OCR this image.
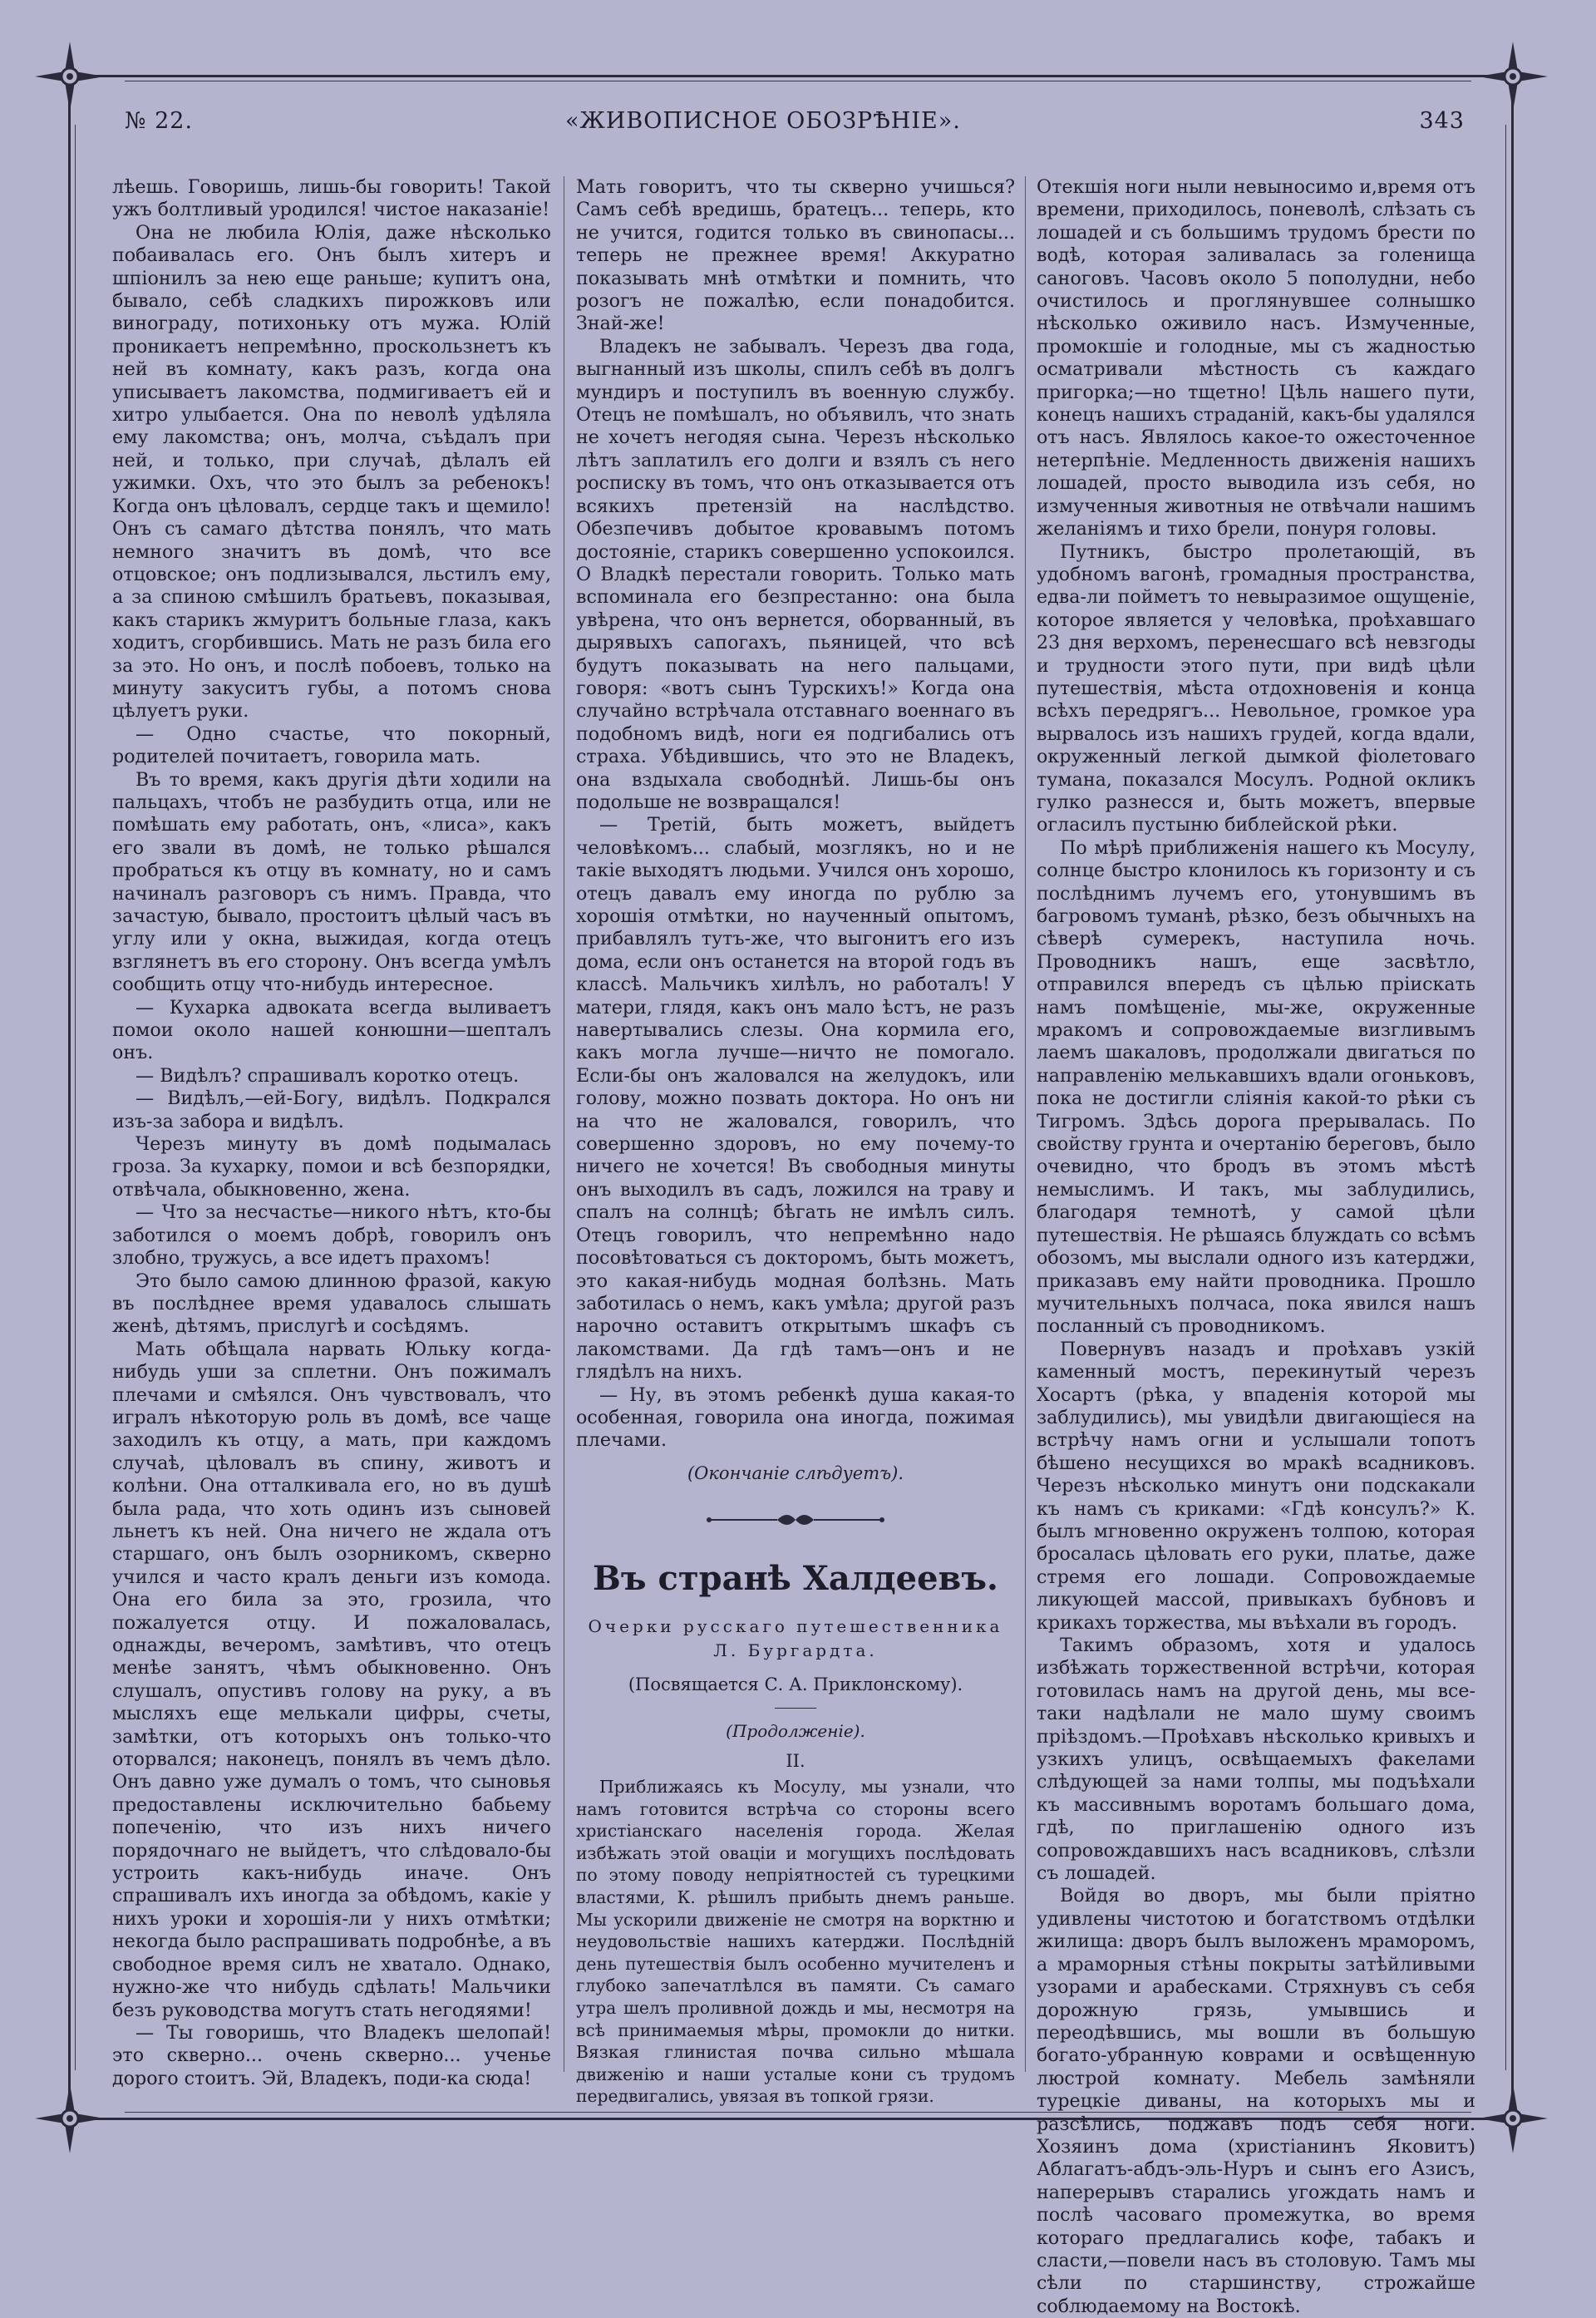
№ 22.	«ЖИВОПИСНОЕ ОБОЗРѢНІЕ».	343

лѣешь. Говоришь, лишь-бы говорить! Такой ужъ болтливый уродился! чистое наказаніе!

Она не любила Юлія, даже нѣсколько побаивалась его. Онъ былъ хитеръ и шпіонилъ за нею еще раньше; купитъ она, бывало, себѣ сладкихъ пирожковъ или винограду, потихоньку отъ мужа. Юлій проникаетъ непремѣнно, проскользнетъ къ ней въ комнату, какъ разъ, когда она уписываетъ лакомства, подмигиваетъ ей и хитро улыбается. Она по неволѣ удѣляла ему лакомства; онъ, молча, съѣдалъ при ней, и только, при случаѣ, дѣлалъ ей ужимки. Охъ, что это былъ за ребенокъ! Когда онъ цѣловалъ, сердце такъ и щемило! Онъ съ самаго дѣтства понялъ, что мать немного значитъ въ домѣ, что все отцовское; онъ подлизывался, льстилъ ему, а за спиною смѣшилъ братьевъ, показывая, какъ старикъ жмуритъ больные глаза, какъ ходитъ, сгорбившись. Мать не разъ била его за это. Но онъ, и послѣ побоевъ, только на минуту закуситъ губы, а потомъ снова цѣлуетъ руки.

— Одно счастье, что покорный, родителей почитаетъ, говорила мать.

Въ то время, какъ другія дѣти ходили на пальцахъ, чтобъ не разбудить отца, или не помѣшать ему работать, онъ, «лиса», какъ его звали въ домѣ, не только рѣшался пробраться къ отцу въ комнату, но и самъ начиналъ разговоръ съ нимъ. Правда, что зачастую, бывало, простоитъ цѣлый часъ въ углу или у окна, выжидая, когда отецъ взглянетъ въ его сторону. Онъ всегда умѣлъ сообщить отцу что-нибудь интересное.

— Кухарка адвоката всегда выливаетъ помои около нашей конюшни—шепталъ онъ.

— Видѣлъ? спрашивалъ коротко отецъ.

— Видѣлъ,—ей-Богу, видѣлъ. Подкрался изъ-за забора и видѣлъ.

Черезъ минуту въ домѣ подымалась гроза. За кухарку, помои и всѣ безпорядки, отвѣчала, обыкновенно, жена.

— Что за несчастье—никого нѣтъ, кто-бы заботился о моемъ добрѣ, говорилъ онъ злобно, тружусь, а все идетъ прахомъ!

Это было самою длинною фразой, какую въ послѣднее время удавалось слышать женѣ, дѣтямъ, прислугѣ и сосѣдямъ.

Мать обѣщала нарвать Юльку когда-нибудь уши за сплетни. Онъ пожималъ плечами и смѣялся. Онъ чувствовалъ, что игралъ нѣкоторую роль въ домѣ, все чаще заходилъ къ отцу, а мать, при каждомъ случаѣ, цѣловалъ въ спину, животъ и колѣни. Она отталкивала его, но въ душѣ была рада, что хоть одинъ изъ сыновей льнетъ къ ней. Она ничего не ждала отъ старшаго, онъ былъ озорникомъ, скверно учился и часто кралъ деньги изъ комода. Она его била за это, грозила, что пожалуется отцу. И пожаловалась, однажды, вечеромъ, замѣтивъ, что отецъ менѣе занятъ, чѣмъ обыкновенно. Онъ слушалъ, опустивъ голову на руку, а въ мысляхъ еще мелькали цифры, счеты, замѣтки, отъ которыхъ онъ только-что оторвался; наконецъ, понялъ въ чемъ дѣло. Онъ давно уже думалъ о томъ, что сыновья предоставлены исключительно бабьему попеченію, что изъ нихъ ничего порядочнаго не выйдетъ, что слѣдовало-бы устроить какъ-нибудь иначе. Онъ спрашивалъ ихъ иногда за обѣдомъ, какіе у нихъ уроки и хорошія-ли у нихъ отмѣтки; некогда было распрашивать подробнѣе, а въ свободное время силъ не хватало. Однако, нужно-же что нибудь сдѣлать! Мальчики безъ руководства могутъ стать негодяями!

— Ты говоришь, что Владекъ шелопай! это скверно... очень скверно... ученье дорого стоитъ. Эй, Владекъ, поди-ка сюда!

Мать говоритъ, что ты скверно учишься? Самъ себѣ вредишь, братецъ... теперь, кто не учится, годится только въ свинопасы... теперь не прежнее время! Аккуратно показывать мнѣ отмѣтки и помнить, что розогъ не пожалѣю, если понадобится. Знай-же!

Владекъ не забывалъ. Черезъ два года, выгнанный изъ школы, спилъ себѣ въ долгъ мундиръ и поступилъ въ военную службу. Отецъ не помѣшалъ, но объявилъ, что знать не хочетъ негодяя сына. Черезъ нѣсколько лѣтъ заплатилъ его долги и взялъ съ него росписку въ томъ, что онъ отказывается отъ всякихъ претензій на наслѣдство. Обезпечивъ добытое кровавымъ потомъ достояніе, старикъ совершенно успокоился. О Владкѣ перестали говорить. Только мать вспоминала его безпрестанно: она была увѣрена, что онъ вернется, оборванный, въ дырявыхъ сапогахъ, пьяницей, что всѣ будутъ показывать на него пальцами, говоря: «вотъ сынъ Турскихъ!» Когда она случайно встрѣчала отставнаго военнаго въ подобномъ видѣ, ноги ея подгибались отъ страха. Убѣдившись, что это не Владекъ, она вздыхала свободнѣй. Лишь-бы онъ подольше не возвращался!

— Третій, быть можетъ, выйдетъ человѣкомъ... слабый, мозглякъ, но и не такіе выходятъ людьми. Учился онъ хорошо, отецъ давалъ ему иногда по рублю за хорошія отмѣтки, но наученный опытомъ, прибавлялъ тутъ-же, что выгонитъ его изъ дома, если онъ останется на второй годъ въ классѣ. Мальчикъ хилѣлъ, но работалъ! У матери, глядя, какъ онъ мало ѣстъ, не разъ навертывались слезы. Она кормила его, какъ могла лучше—ничто не помогало. Если-бы онъ жаловался на желудокъ, или голову, можно позвать доктора. Но онъ ни на что не жаловался, говорилъ, что совершенно здоровъ, но ему почему-то ничего не хочется! Въ свободныя минуты онъ выходилъ въ садъ, ложился на траву и спалъ на солнцѣ; бѣгать не имѣлъ силъ. Отецъ говорилъ, что непремѣнно надо посовѣтоваться съ докторомъ, быть можетъ, это какая-нибудь модная болѣзнь. Мать заботилась о немъ, какъ умѣла; другой разъ нарочно оставитъ открытымъ шкафъ съ лакомствами. Да гдѣ тамъ—онъ и не глядѣлъ на нихъ.

— Ну, въ этомъ ребенкѣ душа какая-то особенная, говорила она иногда, пожимая плечами.

(Окончаніе слѣдуетъ).
Въ странѣ Халдеевъ.
Очерки русскаго путешественника
Л. Бургардта.
(Посвящается С. А. Приклонскому).
(Продолженіе).
II.

Приближаясь къ Мосулу, мы узнали, что намъ готовится встрѣча со стороны всего христіанскаго населенія города. Желая избѣжать этой оваціи и могущихъ послѣдовать по этому поводу непріятностей съ турецкими властями, К. рѣшилъ прибыть днемъ раньше. Мы ускорили движеніе не смотря на ворктню и неудовольствіе нашихъ катерджи. Послѣдній день путешествія былъ особенно мучителенъ и глубоко запечатлѣлся въ памяти. Съ самаго утра шелъ проливной дождь и мы, несмотря на всѣ принимаемыя мѣры, промокли до нитки. Вязкая глинистая почва сильно мѣшала движенію и наши усталые кони съ трудомъ передвигались, увязая въ топкой грязи.

Отекшія ноги ныли невыносимо и,время отъ времени, приходилось, поневолѣ, слѣзать съ лошадей и съ большимъ трудомъ брести по водѣ, которая заливалась за голенища саноговъ. Часовъ около 5 пополудни, небо очистилось и проглянувшее солнышко нѣсколько оживило насъ. Измученные, промокшіе и голодные, мы съ жадностью осматривали мѣстность съ каждаго пригорка;—но тщетно! Цѣль нашего пути, конецъ нашихъ страданій, какъ-бы удалялся отъ насъ. Являлось какое-то ожесточенное нетерпѣніе. Медленность движенія нашихъ лошадей, просто выводила изъ себя, но измученныя животныя не отвѣчали нашимъ желаніямъ и тихо брели, понуря головы.

Путникъ, быстро пролетающій, въ удобномъ вагонѣ, громадныя пространства, едва-ли пойметъ то невыразимое ощущеніе, которое является у человѣка, проѣхавшаго 23 дня верхомъ, перенесшаго всѣ невзгоды и трудности этого пути, при видѣ цѣли путешествія, мѣста отдохновенія и конца всѣхъ передрягъ... Невольное, громкое ура вырвалось изъ нашихъ грудей, когда вдали, окруженный легкой дымкой фіолетоваго тумана, показался Мосулъ. Родной окликъ гулко разнесся и, быть можетъ, впервые огласилъ пустыню библейской рѣки.

По мѣрѣ приближенія нашего къ Мосулу, солнце быстро клонилось къ горизонту и съ послѣднимъ лучемъ его, утонувшимъ въ багровомъ туманѣ, рѣзко, безъ обычныхъ на сѣверѣ сумерекъ, наступила ночь. Проводникъ нашъ, еще засвѣтло, отправился впередъ съ цѣлью пріискать намъ помѣщеніе, мы-же, окруженные мракомъ и сопровождаемые визгливымъ лаемъ шакаловъ, продолжали двигаться по направленію мелькавшихъ вдали огоньковъ, пока не достигли слiянія какой-то рѣки съ Тигромъ. Здѣсь дорога прерывалась. По свойству грунта и очертанію береговъ, было очевидно, что бродъ въ этомъ мѣстѣ немыслимъ. И такъ, мы заблудились, благодаря темнотѣ, у самой цѣли путешествія. Не рѣшаясь блуждать со всѣмъ обозомъ, мы выслали одного изъ катерджи, приказавъ ему найти проводника. Прошло мучительныхъ полчаса, пока явился нашъ посланный съ проводникомъ.

Повернувъ назадъ и проѣхавъ узкій каменный мостъ, перекинутый черезъ Хосартъ (рѣка, у впаденія которой мы заблудились), мы увидѣли двигающіеся на встрѣчу намъ огни и услышали топотъ бѣшено несущихся во мракѣ всадниковъ. Черезъ нѣсколько минутъ они подскакали къ намъ съ криками: «Гдѣ консулъ?» К. былъ мгновенно окруженъ толпою, которая бросалась цѣловать его руки, платье, даже стремя его лошади. Сопровождаемые ликующей массой, привыкахъ бубновъ и крикахъ торжества, мы въѣхали въ городъ.

Такимъ образомъ, хотя и удалось избѣжать торжественной встрѣчи, которая готовилась намъ на другой день, мы все-таки надѣлали не мало шуму своимъ пріѣздомъ.—Проѣхавъ нѣсколько кривыхъ и узкихъ улицъ, освѣщаемыхъ факелами слѣдующей за нами толпы, мы подъѣхали къ массивнымъ воротамъ большаго дома, гдѣ, по приглашенію одного изъ сопровождавшихъ насъ всадниковъ, слѣзли съ лошадей.

Войдя во дворъ, мы были пріятно удивлены чистотою и богатствомъ отдѣлки жилища: дворъ былъ выложенъ мраморомъ, а мраморныя стѣны покрыты затѣйливыми узорами и арабесками. Стряхнувъ съ себя дорожную грязь, умывшись и переодѣвшись, мы вошли въ большую богато-убранную коврами и освѣщенную люстрой комнату. Мебель замѣняли турецкіе диваны, на которыхъ мы и разсѣлись, поджавъ подъ себя ноги. Хозяинъ дома (христіанинъ Яковитъ) Аблагатъ-абдъ-эль-Нуръ и сынъ его Азисъ, наперерывъ старались угождать намъ и послѣ часоваго промежутка, во время котораго предлагались кофе, табакъ и сласти,—повели насъ въ столовую. Тамъ мы сѣли по старшинству, строжайше соблюдаемому на Востокѣ.
